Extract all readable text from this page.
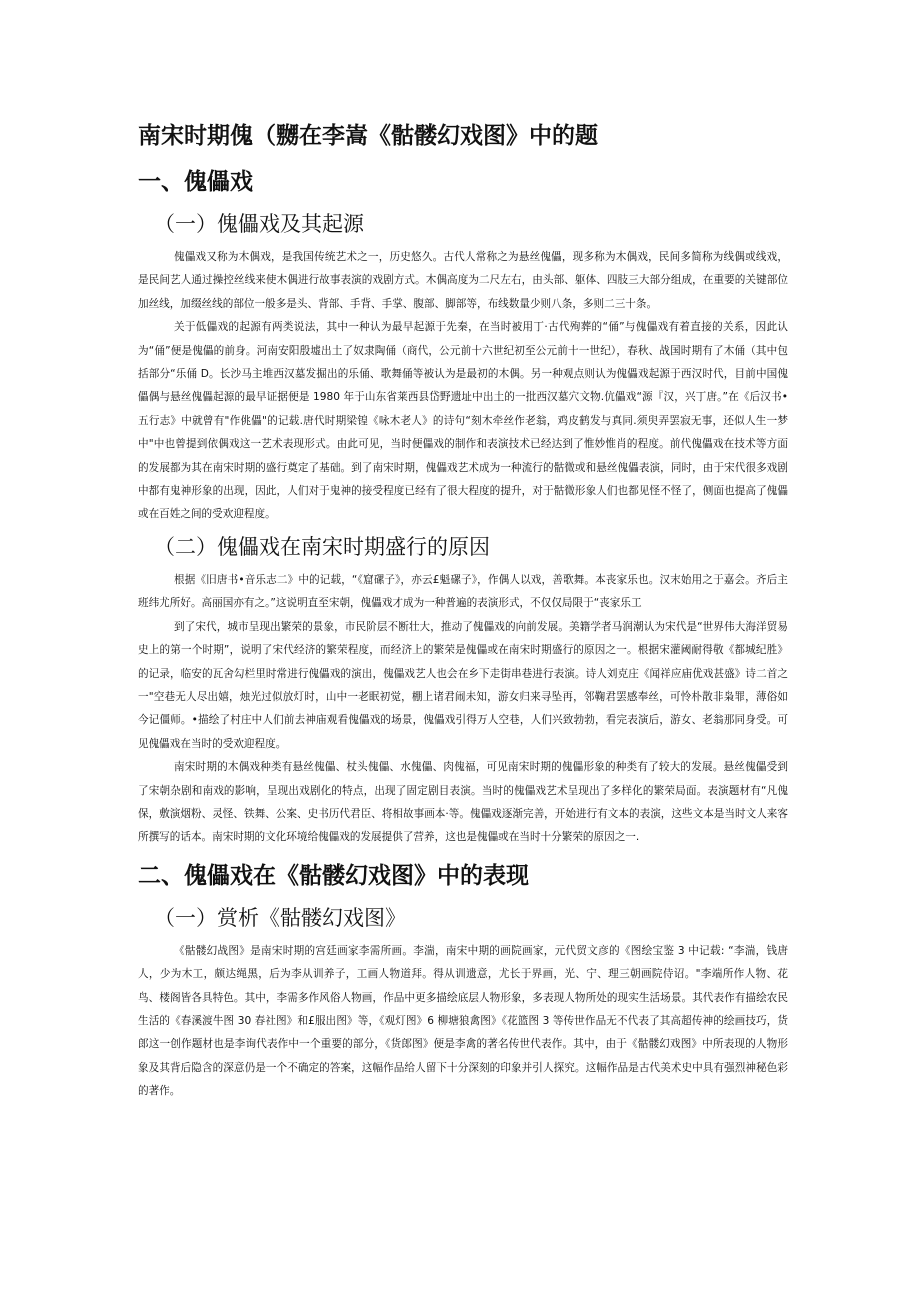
南宋时期傀（嬲在李嵩《骷髅幻戏图》中的题
一、傀儡戏
（一）傀儡戏及其起源

傀儡戏又称为木偶戏，是我国传统艺术之一，历史悠久。古代人常称之为悬丝傀儡，现多称为木偶戏，民间多简称为线偶或线戏，是民间艺人通过操控丝线来使木偶进行故事表演的戏剧方式。木偶高度为二尺左右，由头部、躯体、四肢三大部分组成，在重要的关键部位加丝线，加缀丝线的部位一般多是头、背部、手背、手掌、腹部、脚部等，布线数量少则八条，多则二三十条。

关于低儡戏的起源有两类说法，其中一种认为最早起源于先秦，在当时被用丁·古代殉葬的“俑”与傀儡戏有着直接的关系，因此认为“俑”便是傀儡的前身。河南安阳殷墟出土了奴隶陶俑（商代，公元前十六世纪初至公元前十一世纪），春秋、战国时期有了木俑（其中包括部分“乐俑 D。长沙马主堆西汉墓发掘出的乐俑、歌舞俑等被认为是最初的木偶。另一种观点则认为傀儡戏起源于西汉时代，目前中国傀儡偶与悬丝傀儡起源的最早证据便是 1980 年于山东省莱西县岱野遗址中出土的一批西汉墓穴文物.伉儡戏“源『汉，兴丁唐。”在《后汉书•五行志》中就曾有"作佻儡"的记载.唐代时期梁锽《咏木老人》的诗句“刻木牵丝作老翁，鸡皮鹤发与真同.须臾弄罢寂无事，还似人生一梦中"中也曾提到依偶戏这一艺术表现形式。由此可见，当时便儡戏的制作和表演技术已经达到了惟妙惟肖的程度。前代傀儡戏在技术等方面的发展都为其在南宋时期的盛行奠定了基础。到了南宋时期，傀儡戏艺术成为一种流行的骷微或和悬丝傀儡表演，同时，由于宋代很多戏剧中都有鬼神形象的出现，因此，人们对于鬼神的接受程度已经有了很大程度的提升，对于骷微形象人们也都见怪不怪了，侧面也提高了傀儡或在百姓之间的受欢迎程度。

（二）傀儡戏在南宋时期盛行的原因

根据《旧唐书•音乐志二》中的记载，“《窟磥子》，亦云£魁磥子》，作偶人以戏，善歌舞。本丧家乐也。汉末始用之于嘉会。齐后主班纬尤所好。高丽国亦有之。”这说明直至宋朝，傀儡戏才成为一种普遍的表演形式，不仅仅局限于“丧家乐工

到了宋代，城市呈现出繁荣的景象，市民阶层不断壮大，推动了傀儡戏的向前发展。美籍学者马润潮认为宋代是“世界伟大海洋贸易史上的第一个时期”，说明了宋代经济的繁荣程度，而经济上的繁荣是傀儡或在南宋时期盛行的原因之一。根据宋灌阈耐得敬《都城纪胜》的记录，临安的瓦舍勾栏里时常进行傀儡戏的演出，傀儡戏艺人也会在乡下走街串巷进行表演。诗人刘克庄《闻祥应庙优戏甚盛》诗二首之一"空巷无人尽出嬉，烛光过似放灯时，山中一老眠初觉，棚上诸君闹未知，游女归来寻坠再，邻鞠君罢感奉丝，可怜朴散非枭罪，薄俗如今记僵师。•描绘了村庄中人们前去神庙观看傀儡戏的场景，傀儡戏引得万人空巷，人们兴致勃勃，看完表演后，游女、老翁那同身受。可见傀儡戏在当时的受欢迎程度。

南宋时期的木偶戏种类有悬丝傀儡、杖头傀儡、水傀儡、肉傀福，可见南宋时期的傀儡形象的种类有了较大的发展。悬丝傀儡受到了宋朝杂剧和南戏的影响，呈现出戏剧化的特点，出现了固定剧目表演。当时的傀儡戏艺术呈现出了多样化的繁荣局面。表演题材有“凡傀保，敷演烟粉、灵怪、铁舞、公案、史书历代君臣、将相故事画本·等。傀儡戏逐渐完善，开始进行有文本的表演，这些文本是当时文人来客所撰写的话本。南宋时期的文化环境给傀儡戏的发展提供了营养，这也是傀儡或在当时十分繁荣的原因之一.

二、傀儡戏在《骷髅幻戏图》中的表现
（一）赏析《骷髅幻戏图》

《骷髅幻战图》是南宋时期的宫廷画家李需所画。李湍，南宋中期的画院画家，元代贸文彦的《图绘宝鉴 3 中记载: “李湍，钱唐人，少为木工，颇达绳黑，后为李从训养子，工画人物道拜。得从训遗意，尤长于界画，光、宁、理三朝画院侍诏。"李端所作人物、花鸟、楼阁皆各具特色。其中，李需多作风俗人物画，作品中更多描绘底层人物形象，多表现人物所处的现实生活场景。其代表作有描绘农民生活的《春溪渡牛图 30 春社图》和£服出图》等，《观灯图》6 柳塘狼禽图》《花篮图 3 等传世作品无不代表了其高超传神的绘画技巧，货郎这一创作题材也是李询代表作中一个重要的部分，《货郎图》便是李禽的著名传世代表作。其中，由于《骷髅幻戏图》中所表现的人物形象及其背后隐含的深意仍是一个不确定的答案，这幅作品给人留下十分深刻的印象并引人探究。这幅作品是古代美术史中具有强烈神秘色彩的著作。
